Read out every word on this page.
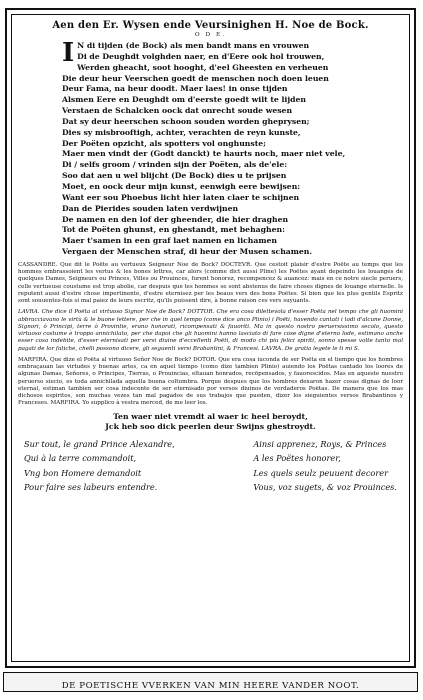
Aen den Er. Wysen ende Veursinighen H. Noe de Bock.
O D E.
I N di tijden (de Bock) als men bandt mans en vrouwen
Di de Deughdt volghden naer, en d'Eere ook hol trouwen,
Werden gheacht, soot hooght, d'eel Gheesten en verheuen
Die deur heur Veerschen goedt de menschen noch doen leuen
Deur Fama, na heur doodt. Maer laes! in onse tijden
Alsmen Eere en Deughdt om d'eerste goedt wilt te lijden
Verstaen de Schalcken oock dat onrecht soude wesen
Dat sy deur heerschen schoon souden worden gheprysen;
Dies sy misbrooftigh, achter, verachten de reyn kunste,
Der Poëten opzicht, als spotters vol onghunste;
Maer men vindt der (Godt danckt) te haurts noch, maer niet vele,
Di / selfs groom / vrinden sijn der Poëten, als de'ele:
Soo dat aen u wel blijcht (De Bock) dies u te prijsen
Moet, en oock deur mijn kunst, eenwigh eere bewijsen:
Want eer sou Phoebus licht hier laten claer te schijnen
Dan de Pierides souden laten verdwijnen
De namen en den lof der gheender, die hier draghen
Tot de Poëten ghunst, en ghestandt, met behaghen:
Maer t'samen in een graf laet namen en lichamen
Vergaen der Menschen straf, di heur der Musen schamen.

CASSANDRE. Que dit le Poëte au vertueux Seigneur Noe de Bock? DOCTEVR. Que cestoit plaisir d'estre Poëte au temps que les hommes embrassoient les vertus & les bones lettres, car alors (comme dict aussi Pline) les Poëtes ayant depeindu les louanges de quelques Dames, Seigneurs ou Princes, Villes ou Prouinces, furent honorez, recompencez & auancez: mais en ce notre siecle peruers, celle vertueuse coustume est trop abolie, car despuis que les hommes se sont abstenus de faire choses dignes de louange eternelle. Is reputent aussi d'estre chose impertinente, d'estre eternisez per les beaus vers des bons Poëtes. Si bien que les plus gentils Espritz sont souuentes-fois si mal paiez de leurs escritz, qu'ils puissent dire, à bonne raison ces vers suyuants.

LAVRA. Che dice il Poëta al virtuoso Signor Noe de Bock? DOTTOR. Che era cosa dilettevola d'esser Poëta nel tempo che gli huomini abbracciavano le virtù & le buone lettere, per che in quel tempo (come dice anco Plinio) i Poëti, havendo cantati i lodi d'alcune Donne, Signori, ò Principi, terre ò Provintie, erano honorati, ricompensati & fauoriti. Ma in questo nostro peruersissimo secolo, questo virtuoso costume è troppo annichilato, per che dapoi che gli huomini hanno lasciato di fare cose digne d'eterno lode, estimano anche esser cosa indebite, d'esser eternisati per versi diuine d'eccellenti Poëti, di modo chi piu felici spiriti, sonno spesse volte tanto mal pagati de lor fatiche, chelli possono dicere, gli seguenti versi Brabantini, & Francesi. LAVRA. De gratia legete le ti mi S.

MARFIRA. Que dize el Poëta al virtuoso Señor Noe de Bock? DOTOR. Que era cosa iuconda de ser Poëta en el tiempo que los hombres embraçauan las virtudes y buenas artes, ca en aquel tiempo (como dize tambien Plinio) auiendo los Poëtas cantado los loores de algunas Damas, Señores, o Principes, Tierras, o Prouincias, eltauan honrados, recōpensados, y fauorescidos. Mas en aqueste nuestro peruerso siecio, es toda annichilada aquella buena coltumbra. Porque despues que los hombres dexaron hazer cosas dignas de loor eternal, estiman tambien ser cosa indecente de ser eternisado por versos diuinos de verdaderos Poëtas. De manera que los mas dichosos espiritos, son muchas vezes tan mal pagados de sus trabajos que pueden, dizer los sieguientes versos Brabantinos y Franceses. MARFIRA. Yo supplico à vestra merced, de me leer los.

Ten waer niet vremdt al waer ic heel beroydt,
Jck heb soo dick peerlen deur Swijns ghestroydt.
Sur tout, le grand Prince Alexandre,
Qui à la terre commandoit,
Vng bon Homere demandoit
Pour faire ses labeurs entendre.
Ainsi apprenez, Roys, & Princes
A les Poëtes honorer,
Les quels seulz peuuent decorer
Vous, voz sugets, & voz Prouinces.
DE POETISCHE VVERKEN VAN MIN HEERE VANDER NOOT.
